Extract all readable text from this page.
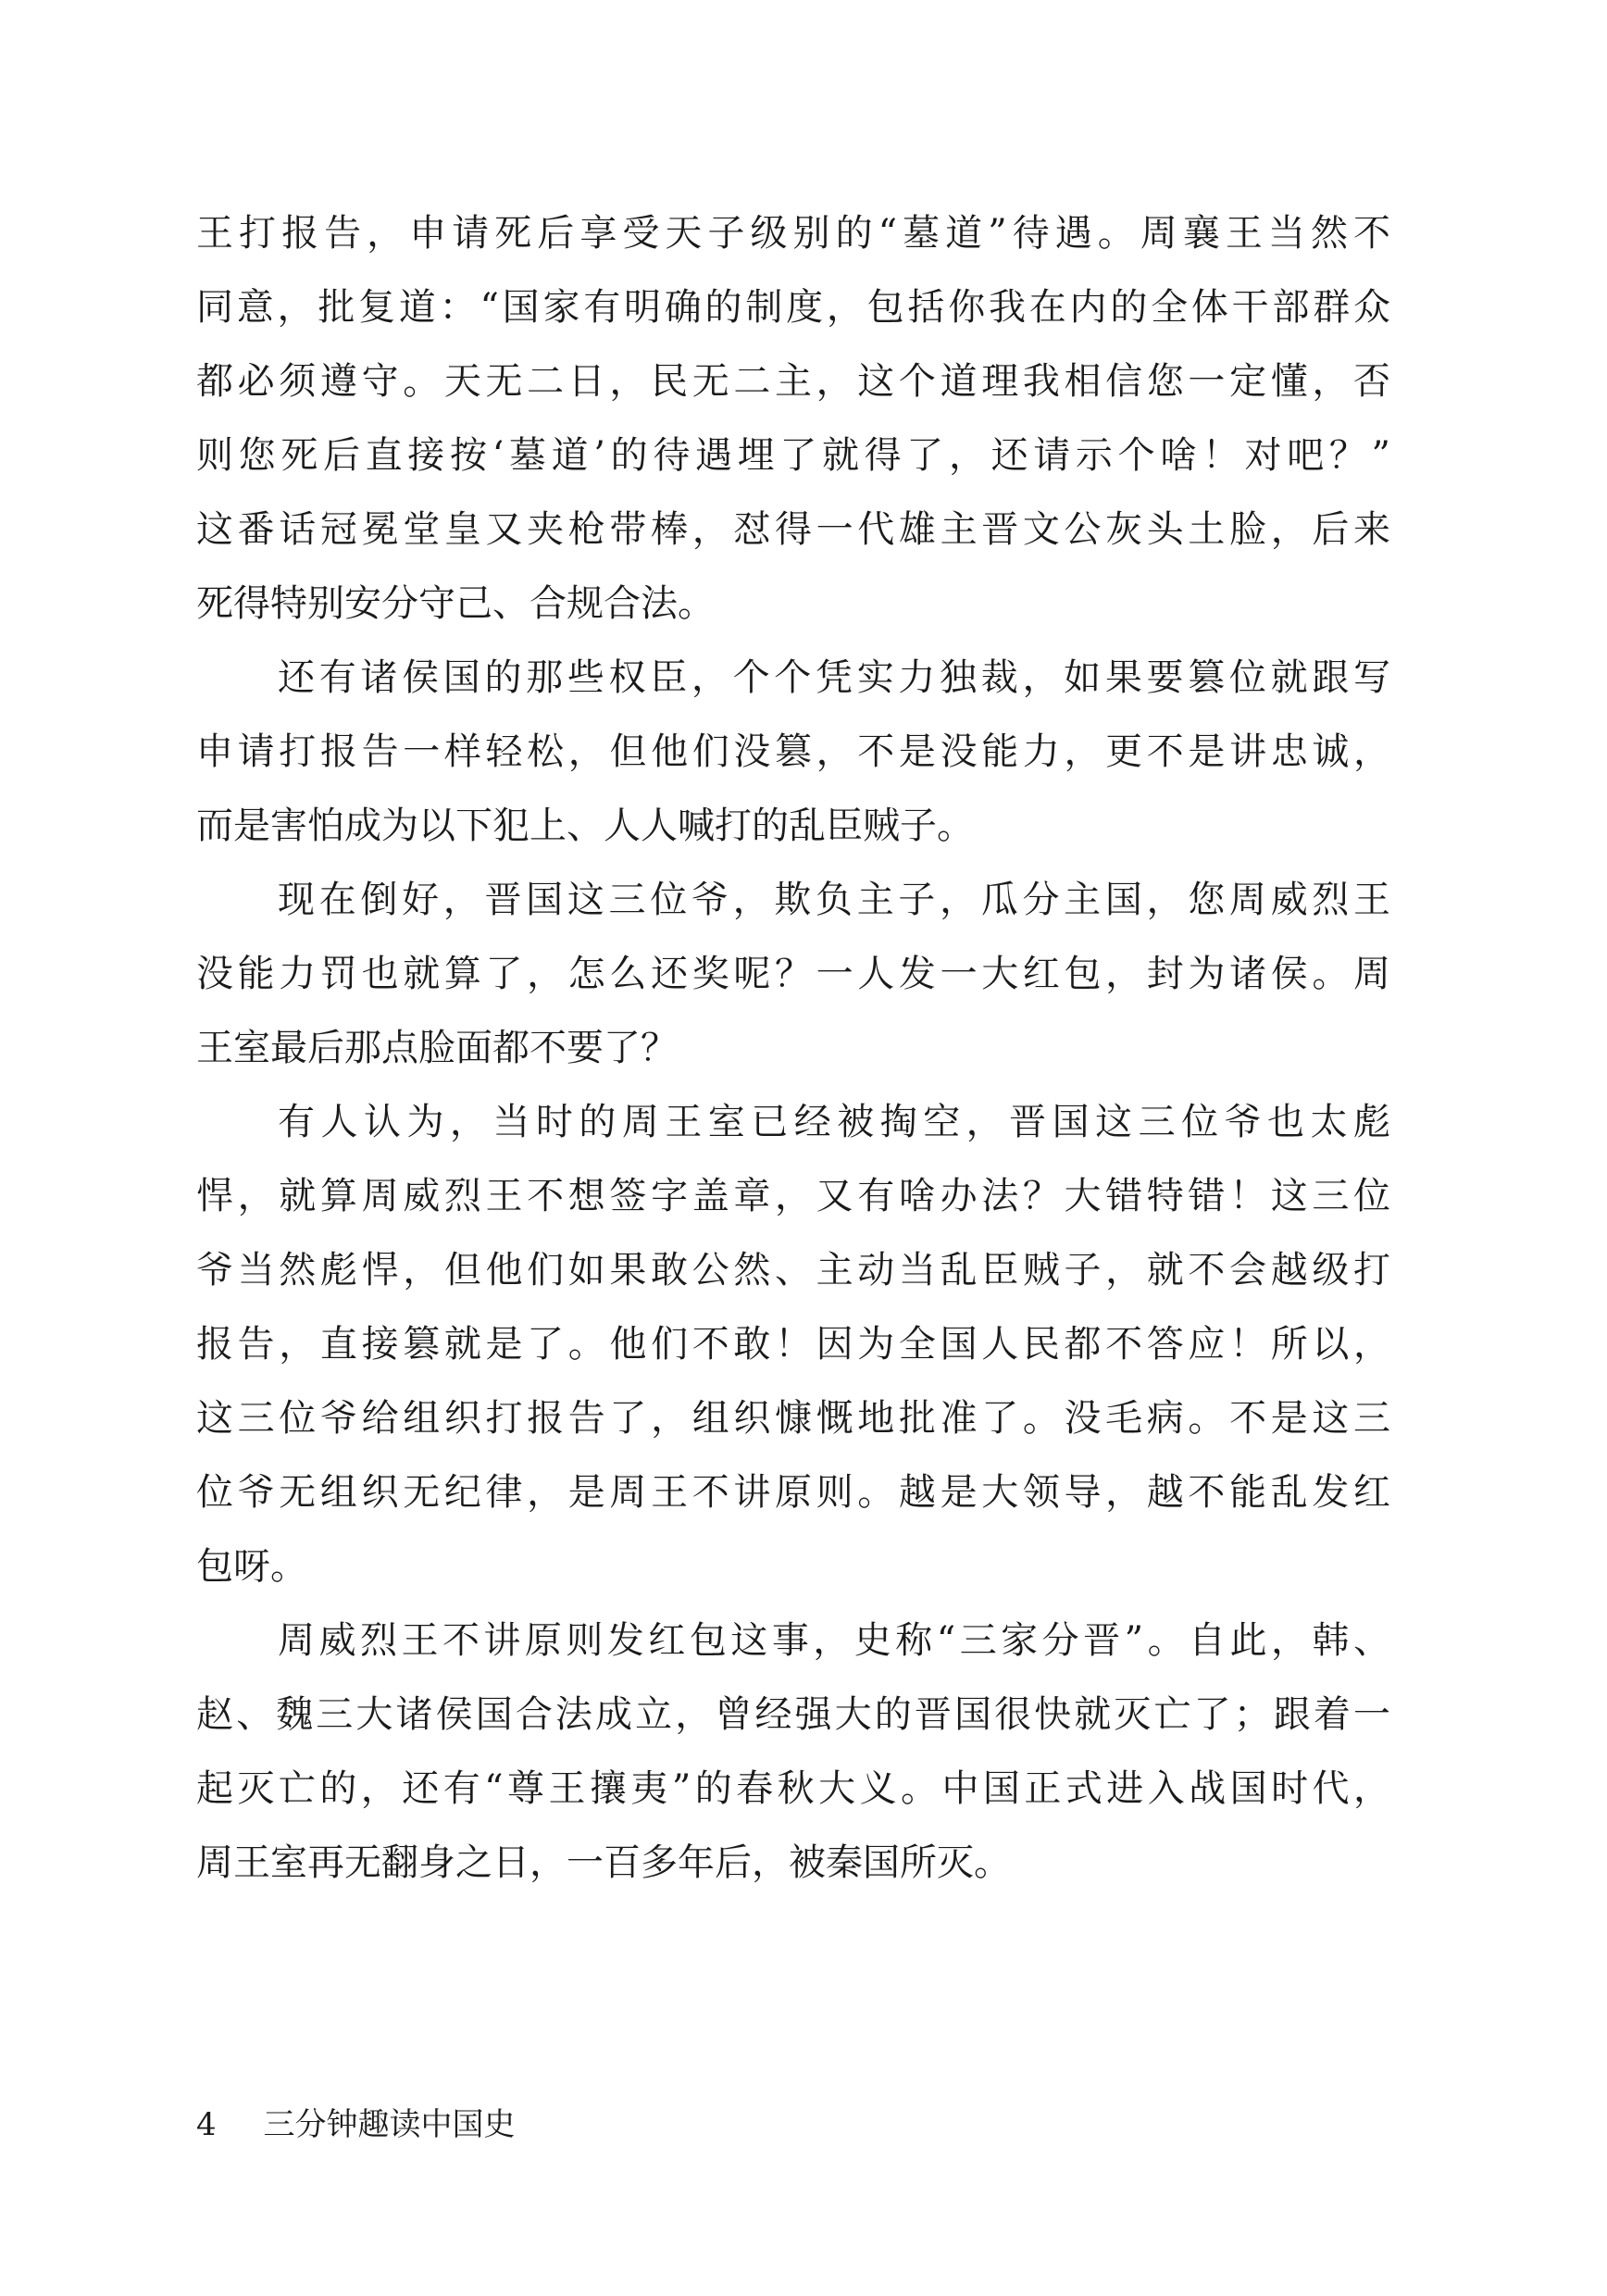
王打报告，申请死后享受天子级别的“墓道”待遇。周襄王当然不
同意，批复道：“国家有明确的制度，包括你我在内的全体干部群众
都必须遵守。天无二日，民无二主，这个道理我相信您一定懂，否
则您死后直接按‘墓道’的待遇埋了就得了，还请示个啥！对吧？”
这番话冠冕堂皇又夹枪带棒，怼得一代雄主晋文公灰头土脸，后来
死得特别安分守己、合规合法。
还有诸侯国的那些权臣，个个凭实力独裁，如果要篡位就跟写
申请打报告一样轻松，但他们没篡，不是没能力，更不是讲忠诚，
而是害怕成为以下犯上、人人喊打的乱臣贼子。
现在倒好，晋国这三位爷，欺负主子，瓜分主国，您周威烈王
没能力罚也就算了，怎么还奖呢？一人发一大红包，封为诸侯。周
王室最后那点脸面都不要了？
有人认为，当时的周王室已经被掏空，晋国这三位爷也太彪
悍，就算周威烈王不想签字盖章，又有啥办法？大错特错！这三位
爷当然彪悍，但他们如果敢公然、主动当乱臣贼子，就不会越级打
报告，直接篡就是了。他们不敢！因为全国人民都不答应！所以，
这三位爷给组织打报告了，组织慷慨地批准了。没毛病。不是这三
位爷无组织无纪律，是周王不讲原则。越是大领导，越不能乱发红
包呀。
周威烈王不讲原则发红包这事，史称“三家分晋”。自此，韩、
赵、魏三大诸侯国合法成立，曾经强大的晋国很快就灭亡了；跟着一
起灭亡的，还有“尊王攘夷”的春秋大义。中国正式进入战国时代，
周王室再无翻身之日，一百多年后，被秦国所灭。
4 三分钟趣读中国史
